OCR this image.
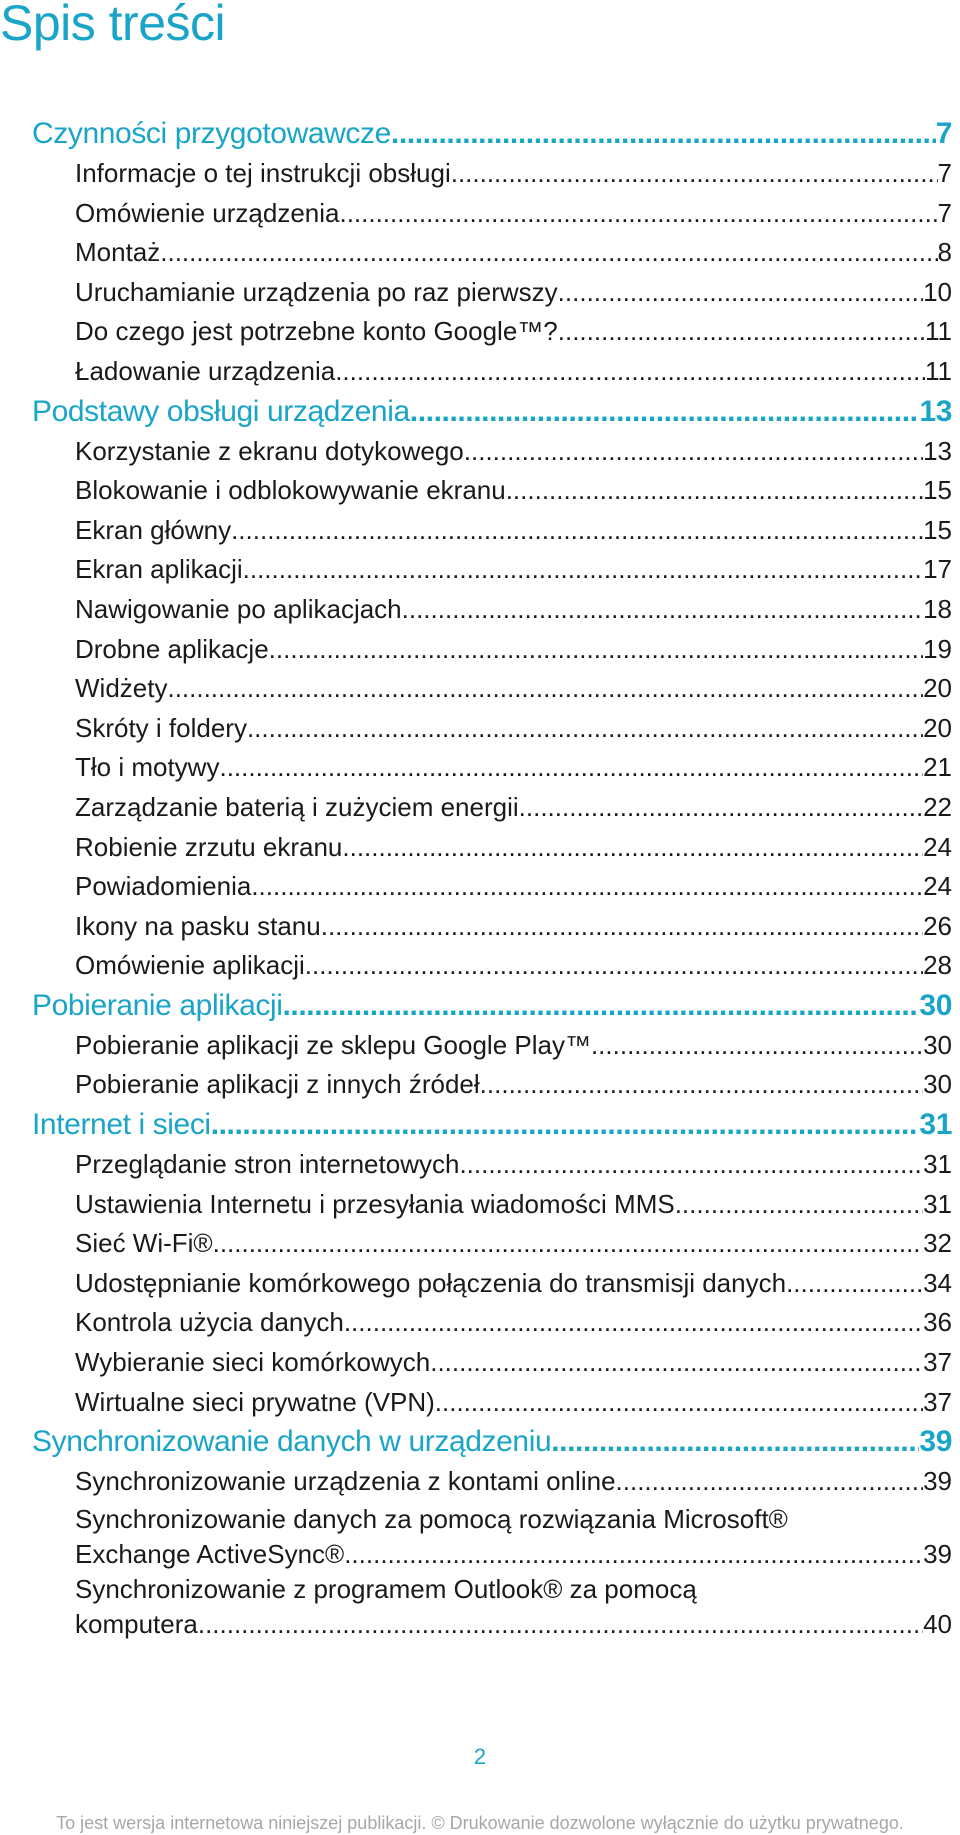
Spis treści
Czynności przygotowawcze .....	7
Informacje o tej instrukcji obsługi .....	7
Omówienie urządzenia .....	7
Montaż .....	8
Uruchamianie urządzenia po raz pierwszy .....	10
Do czego jest potrzebne konto Google™? .....	11
Ładowanie urządzenia .....	11
Podstawy obsługi urządzenia .....	13
Korzystanie z ekranu dotykowego .....	13
Blokowanie i odblokowywanie ekranu .....	15
Ekran główny .....	15
Ekran aplikacji .....	17
Nawigowanie po aplikacjach .....	18
Drobne aplikacje .....	19
Widżety .....	20
Skróty i foldery .....	20
Tło i motywy .....	21
Zarządzanie baterią i zużyciem energii .....	22
Robienie zrzutu ekranu .....	24
Powiadomienia .....	24
Ikony na pasku stanu .....	26
Omówienie aplikacji .....	28
Pobieranie aplikacji .....	30
Pobieranie aplikacji ze sklepu Google Play™ .....	30
Pobieranie aplikacji z innych źródeł .....	30
Internet i sieci .....	31
Przeglądanie stron internetowych .....	31
Ustawienia Internetu i przesyłania wiadomości MMS .....	31
Sieć Wi-Fi® .....	32
Udostępnianie komórkowego połączenia do transmisji danych .....	34
Kontrola użycia danych .....	36
Wybieranie sieci komórkowych .....	37
Wirtualne sieci prywatne (VPN) .....	37
Synchronizowanie danych w urządzeniu .....	39
Synchronizowanie urządzenia z kontami online .....	39
Synchronizowanie danych za pomocą rozwiązania Microsoft®
Exchange ActiveSync® .....	39
Synchronizowanie z programem Outlook® za pomocą
komputera .....	40
2
To jest wersja internetowa niniejszej publikacji. © Drukowanie dozwolone wyłącznie do użytku prywatnego.
